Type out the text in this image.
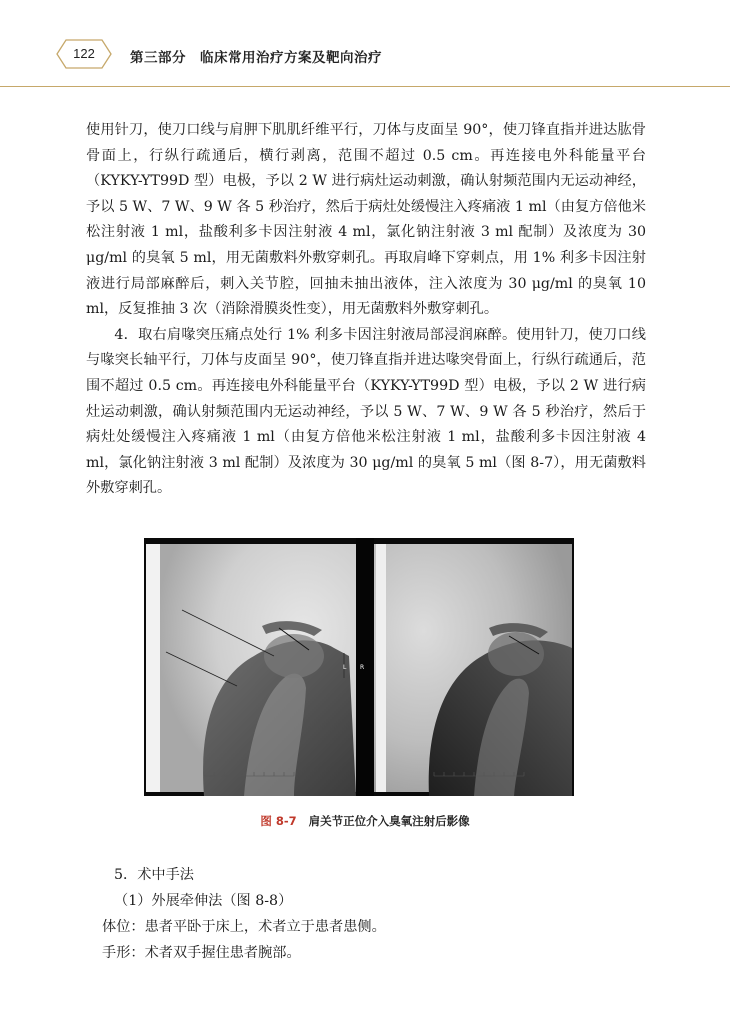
122	第三部分　临床常用治疗方案及靶向治疗

使用针刀，使刀口线与肩胛下肌肌纤维平行，刀体与皮面呈 90°，使刀锋直指并进达肱骨骨面上，行纵行疏通后，横行剥离，范围不超过 0.5 cm。再连接电外科能量平台（KYKY-YT99D 型）电极，予以 2 W 进行病灶运动刺激，确认射频范围内无运动神经，予以 5 W、7 W、9 W 各 5 秒治疗，然后于病灶处缓慢注入疼痛液 1 ml（由复方倍他米松注射液 1 ml，盐酸利多卡因注射液 4 ml，氯化钠注射液 3 ml 配制）及浓度为 30 μg/ml 的臭氧 5 ml，用无菌敷料外敷穿刺孔。再取肩峰下穿刺点，用 1% 利多卡因注射液进行局部麻醉后，刺入关节腔，回抽未抽出液体，注入浓度为 30 μg/ml 的臭氧 10 ml，反复推抽 3 次（消除滑膜炎性变），用无菌敷料外敷穿刺孔。

4．取右肩喙突压痛点处行 1% 利多卡因注射液局部浸润麻醉。使用针刀，使刀口线与喙突长轴平行，刀体与皮面呈 90°，使刀锋直指并进达喙突骨面上，行纵行疏通后，范围不超过 0.5 cm。再连接电外科能量平台（KYKY-YT99D 型）电极，予以 2 W 进行病灶运动刺激，确认射频范围内无运动神经，予以 5 W、7 W、9 W 各 5 秒治疗，然后于病灶处缓慢注入疼痛液 1 ml（由复方倍他米松注射液 1 ml，盐酸利多卡因注射液 4 ml，氯化钠注射液 3 ml 配制）及浓度为 30 μg/ml 的臭氧 5 ml（图 8-7），用无菌敷料外敷穿刺孔。

L R
图 8-7 肩关节正位介入臭氧注射后影像

5．术中手法

（1）外展牵伸法（图 8-8）

体位：患者平卧于床上，术者立于患者患侧。

手形：术者双手握住患者腕部。
